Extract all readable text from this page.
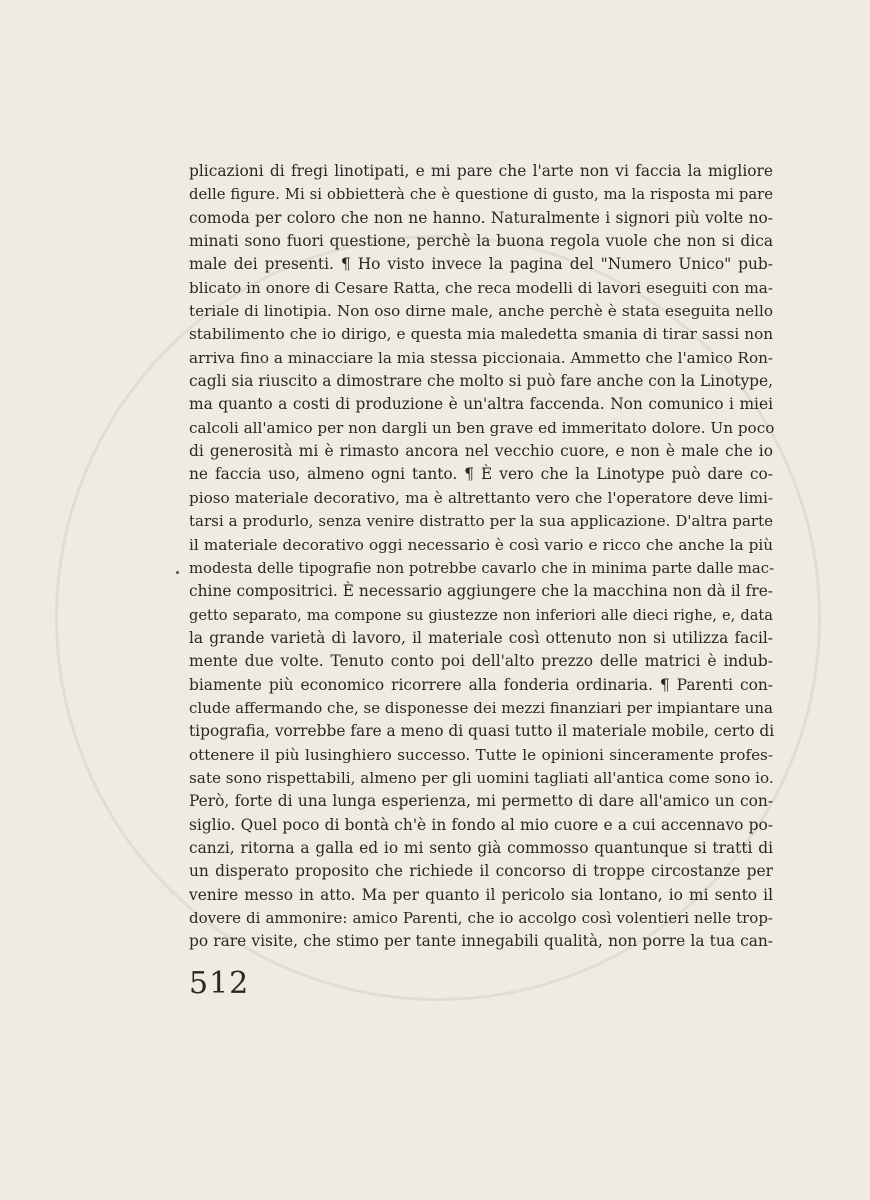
plicazioni di fregi linotipati, e mi pare che l'arte non vi faccia la migliore
delle figure. Mi si obbietterà che è questione di gusto, ma la risposta mi pare
comoda per coloro che non ne hanno. Naturalmente i signori più volte no-
minati sono fuori questione, perchè la buona regola vuole che non si dica
male dei presenti. ¶ Ho visto invece la pagina del "Numero Unico" pub-
blicato in onore di Cesare Ratta, che reca modelli di lavori eseguiti con ma-
teriale di linotipia. Non oso dirne male, anche perchè è stata eseguita nello
stabilimento che io dirigo, e questa mia maledetta smania di tirar sassi non
arriva fino a minacciare la mia stessa piccionaia. Ammetto che l'amico Ron-
cagli sia riuscito a dimostrare che molto si può fare anche con la Linotype,
ma quanto a costi di produzione è un'altra faccenda. Non comunico i miei
calcoli all'amico per non dargli un ben grave ed immeritato dolore. Un poco
di generosità mi è rimasto ancora nel vecchio cuore, e non è male che io
ne faccia uso, almeno ogni tanto. ¶ È vero che la Linotype può dare co-
pioso materiale decorativo, ma è altrettanto vero che l'operatore deve limi-
tarsi a produrlo, senza venire distratto per la sua applicazione. D'altra parte
il materiale decorativo oggi necessario è così vario e ricco che anche la più
modesta delle tipografie non potrebbe cavarlo che in minima parte dalle mac-
chine compositrici. È necessario aggiungere che la macchina non dà il fre-
getto separato, ma compone su giustezze non inferiori alle dieci righe, e, data
la grande varietà di lavoro, il materiale così ottenuto non si utilizza facil-
mente due volte. Tenuto conto poi dell'alto prezzo delle matrici è indub-
biamente più economico ricorrere alla fonderia ordinaria. ¶ Parenti con-
clude affermando che, se disponesse dei mezzi finanziari per impiantare una
tipografia, vorrebbe fare a meno di quasi tutto il materiale mobile, certo di
ottenere il più lusinghiero successo. Tutte le opinioni sinceramente profes-
sate sono rispettabili, almeno per gli uomini tagliati all'antica come sono io.
Però, forte di una lunga esperienza, mi permetto di dare all'amico un con-
siglio. Quel poco di bontà ch'è in fondo al mio cuore e a cui accennavo po-
canzi, ritorna a galla ed io mi sento già commosso quantunque si tratti di
un disperato proposito che richiede il concorso di troppe circostanze per
venire messo in atto. Ma per quanto il pericolo sia lontano, io mi sento il
dovere di ammonire: amico Parenti, che io accolgo così volentieri nelle trop-
po rare visite, che stimo per tante innegabili qualità, non porre la tua can-
512
